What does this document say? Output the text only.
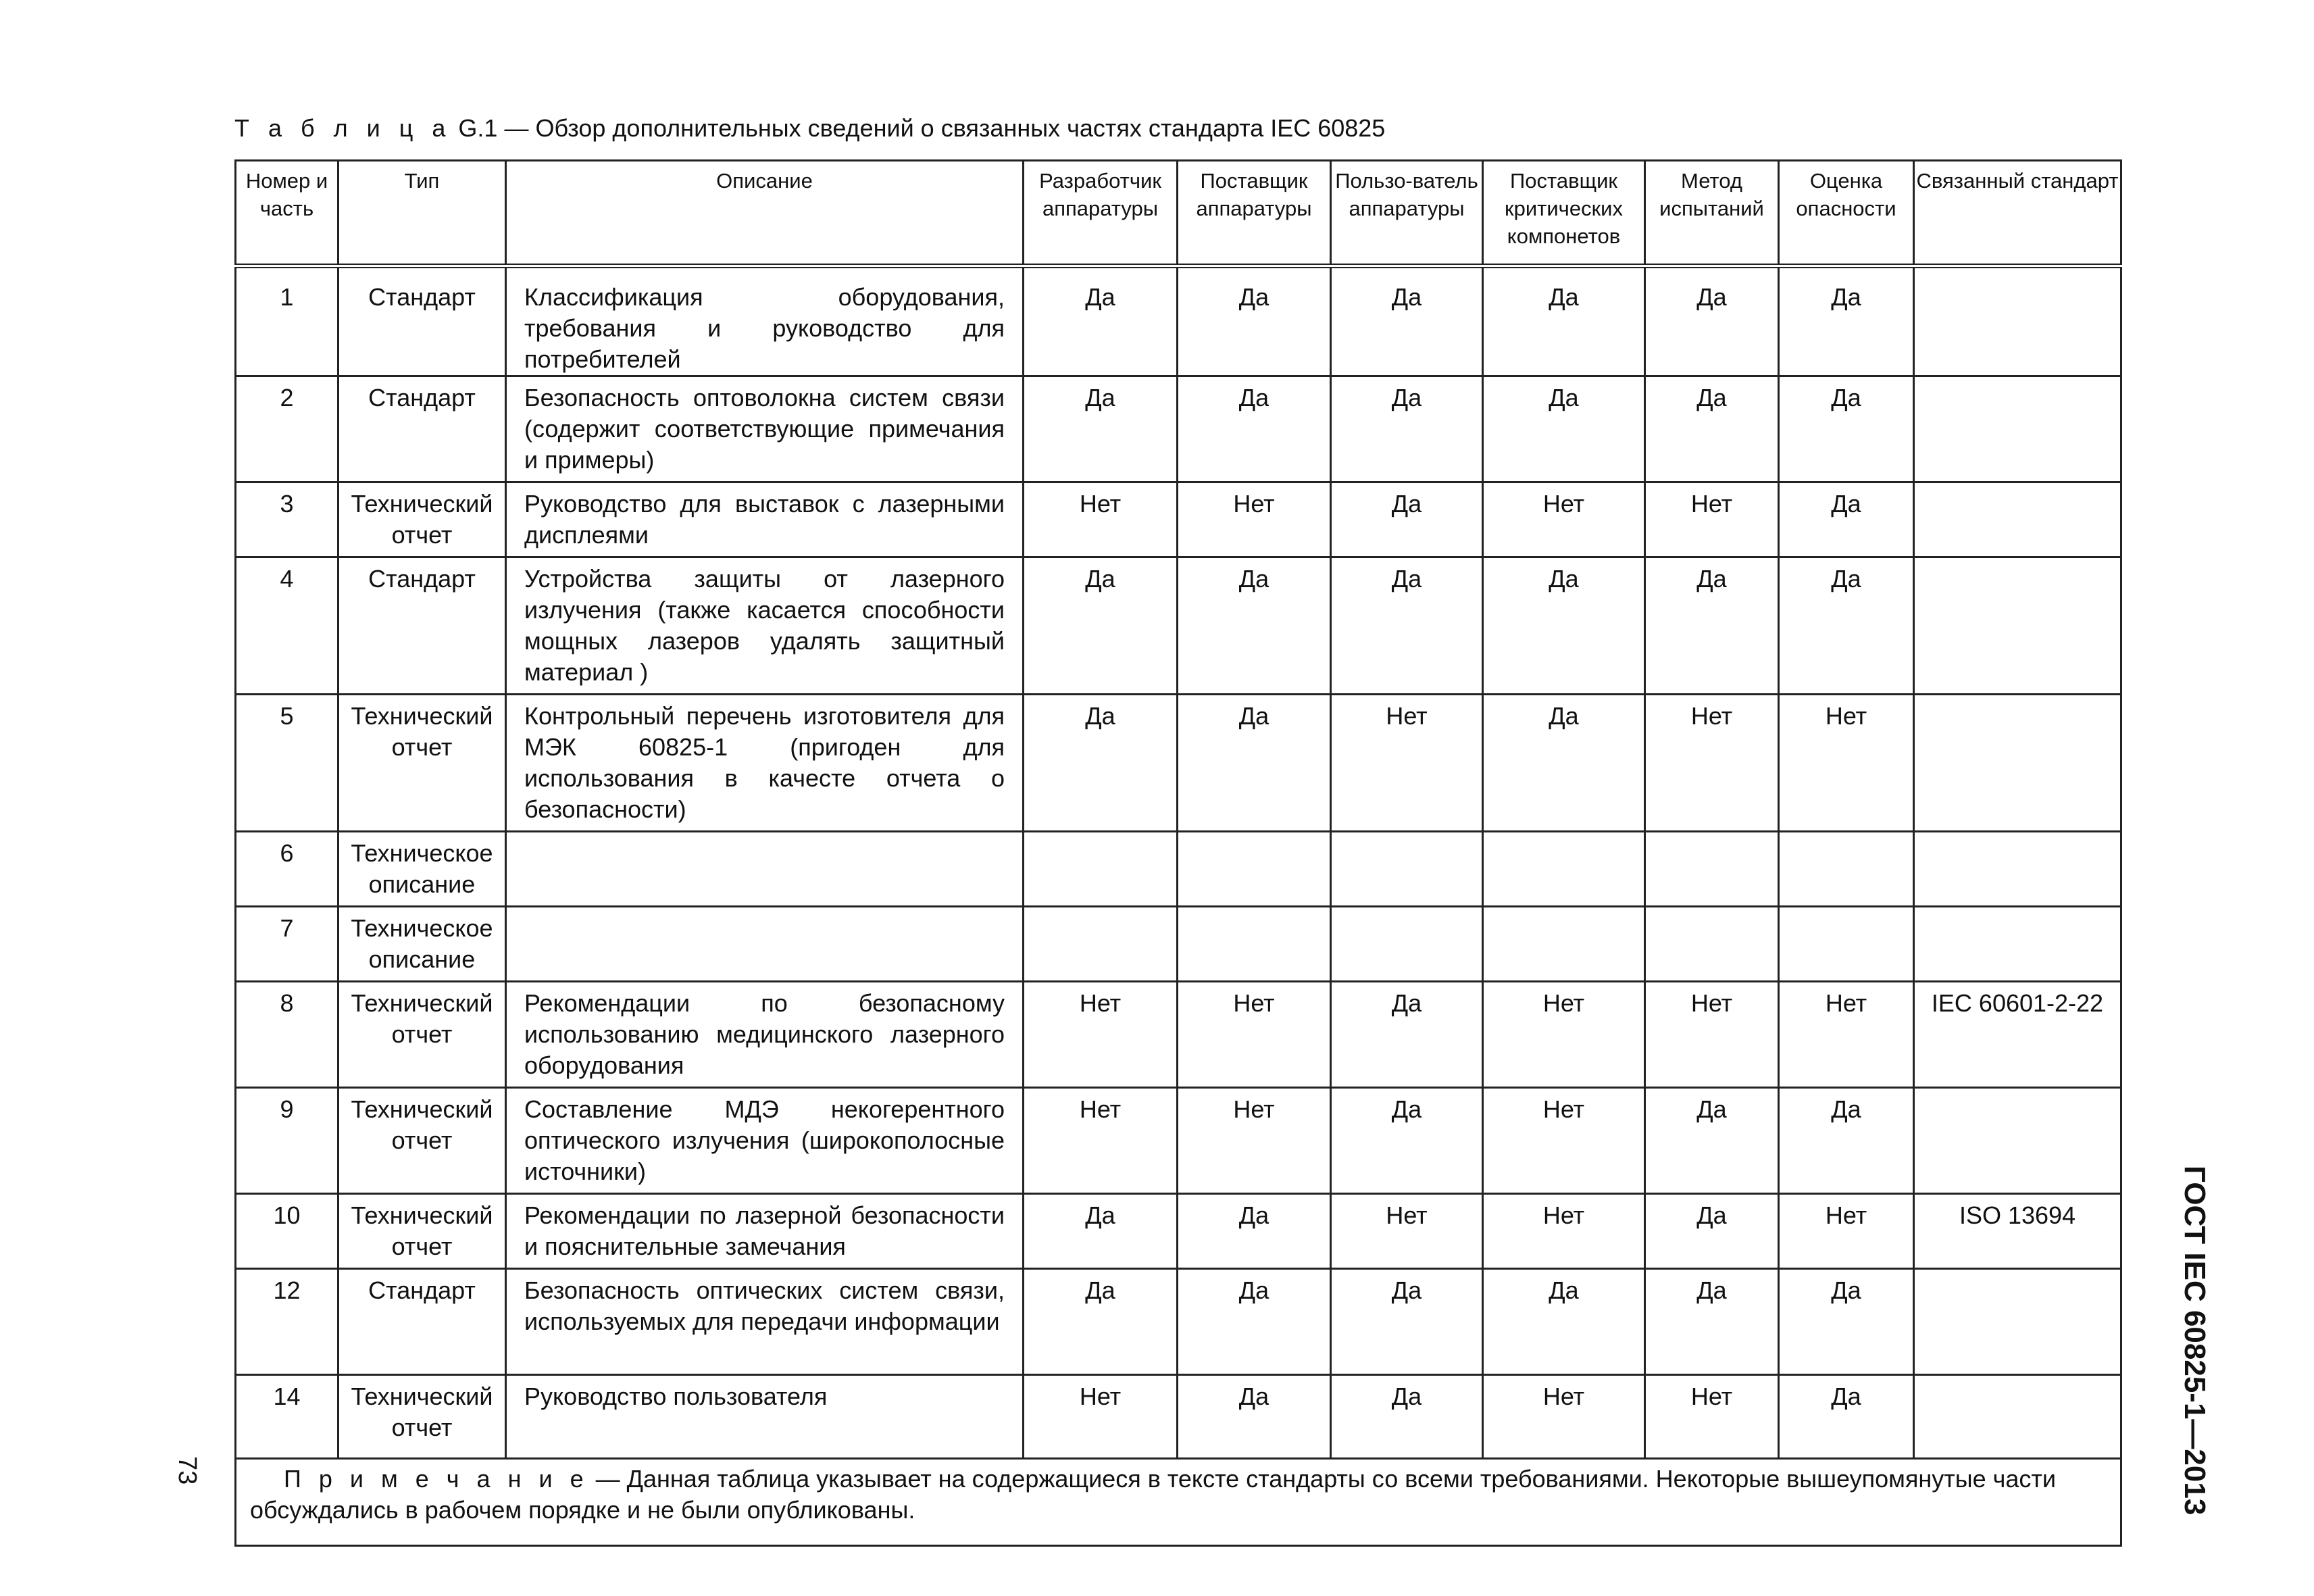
Т а б л и ц а G.1 — Обзор дополнительных сведений о связанных частях стандарта IEC 60825
Номер и часть	Тип	Описание	Разработчик аппаратуры	Поставщик аппаратуры	Пользо-ватель аппаратуры	Поставщик критических компонетов	Метод испытаний	Оценка опасности	Связанный стандарт
1	Стандарт	Классификация оборудования, требования и руководство для потребителей	Да	Да	Да	Да	Да	Да	
2	Стандарт	Безопасность оптоволокна систем связи (содержит соответствующие примечания и примеры)	Да	Да	Да	Да	Да	Да	
3	Технический отчет	Руководство для выставок с лазерными дисплеями	Нет	Нет	Да	Нет	Нет	Да	
4	Стандарт	Устройства защиты от лазерного излучения (также касается способности мощных лазеров удалять защитный материал )	Да	Да	Да	Да	Да	Да	
5	Технический отчет	Контрольный перечень изготовителя для МЭК 60825-1 (пригоден для использования в качесте отчета о безопасности)	Да	Да	Нет	Да	Нет	Нет	
6	Техническое описание								
7	Техническое описание								
8	Технический отчет	Рекомендации по безопасному использованию медицинского лазерного оборудования	Нет	Нет	Да	Нет	Нет	Нет	IEC 60601-2-22
9	Технический отчет	Составление МДЭ некогерентного оптического излучения (широкополосные источники)	Нет	Нет	Да	Нет	Да	Да	
10	Технический отчет	Рекомендации по лазерной безопасности и пояснительные замечания	Да	Да	Нет	Нет	Да	Нет	ISO 13694
12	Стандарт	Безопасность оптических систем связи, используемых для передачи информации	Да	Да	Да	Да	Да	Да	
14	Технический отчет	Руководство пользователя	Нет	Да	Да	Нет	Нет	Да	

П р и м е ч а н и е — Данная таблица указывает на содержащиеся в тексте стандарты со всеми требованиями. Некоторые вышеупомянутые части обсуждались в рабочем порядке и не были опубликованы.										ГОСТ IEC 60825-1—2013
73
